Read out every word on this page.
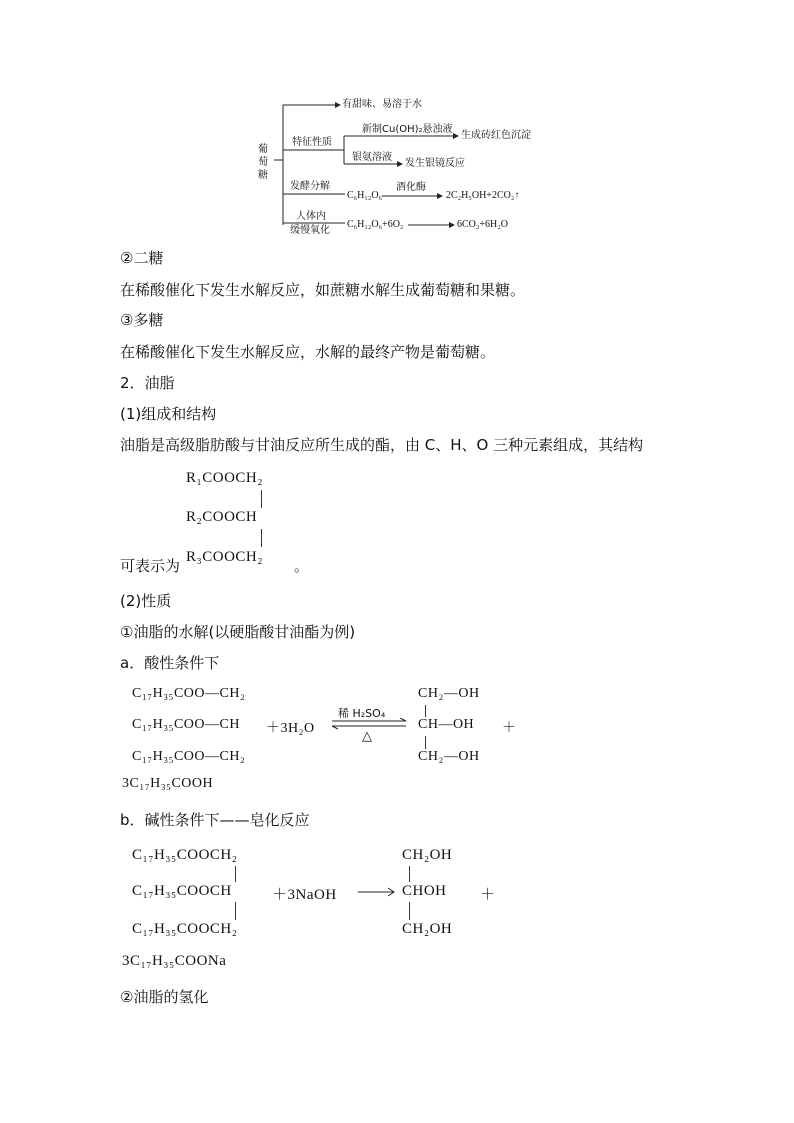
葡
萄
糖
有甜味、易溶于水
特征性质
新制Cu(OH)₂悬浊液
生成砖红色沉淀
银氨溶液
发生银镜反应
发酵分解
C₆H₁₂O₆
酒化酶
2C₂H₅OH+2CO₂↑
人体内
缓慢氧化
C₆H₁₂O₆+6O₂	6CO₂+6H₂O
②二糖
在稀酸催化下发生水解反应，如蔗糖水解生成葡萄糖和果糖。
③多糖
在稀酸催化下发生水解反应，水解的最终产物是葡萄糖。
2．油脂
(1)组成和结构
油脂是高级脂肪酸与甘油反应所生成的酯，由 C、H、O 三种元素组成，其结构
R₁COOCH₂
R₂COOCH
R₃COOCH₂
可表示为	。
(2)性质
①油脂的水解(以硬脂酸甘油酯为例)
a．酸性条件下
C₁₇H₃₅COO—CH₂
C₁₇H₃₅COO—CH
C₁₇H₃₅COO—CH₂
＋3H₂O
稀 H₂SO₄
△
CH₂—OH
CH—OH
CH₂—OH
＋
3C₁₇H₃₅COOH
b．碱性条件下——皂化反应
C₁₇H₃₅COOCH₂
C₁₇H₃₅COOCH
C₁₇H₃₅COOCH₂
＋3NaOH
CH₂OH
CHOH
CH₂OH
＋
3C₁₇H₃₅COONa
②油脂的氢化
